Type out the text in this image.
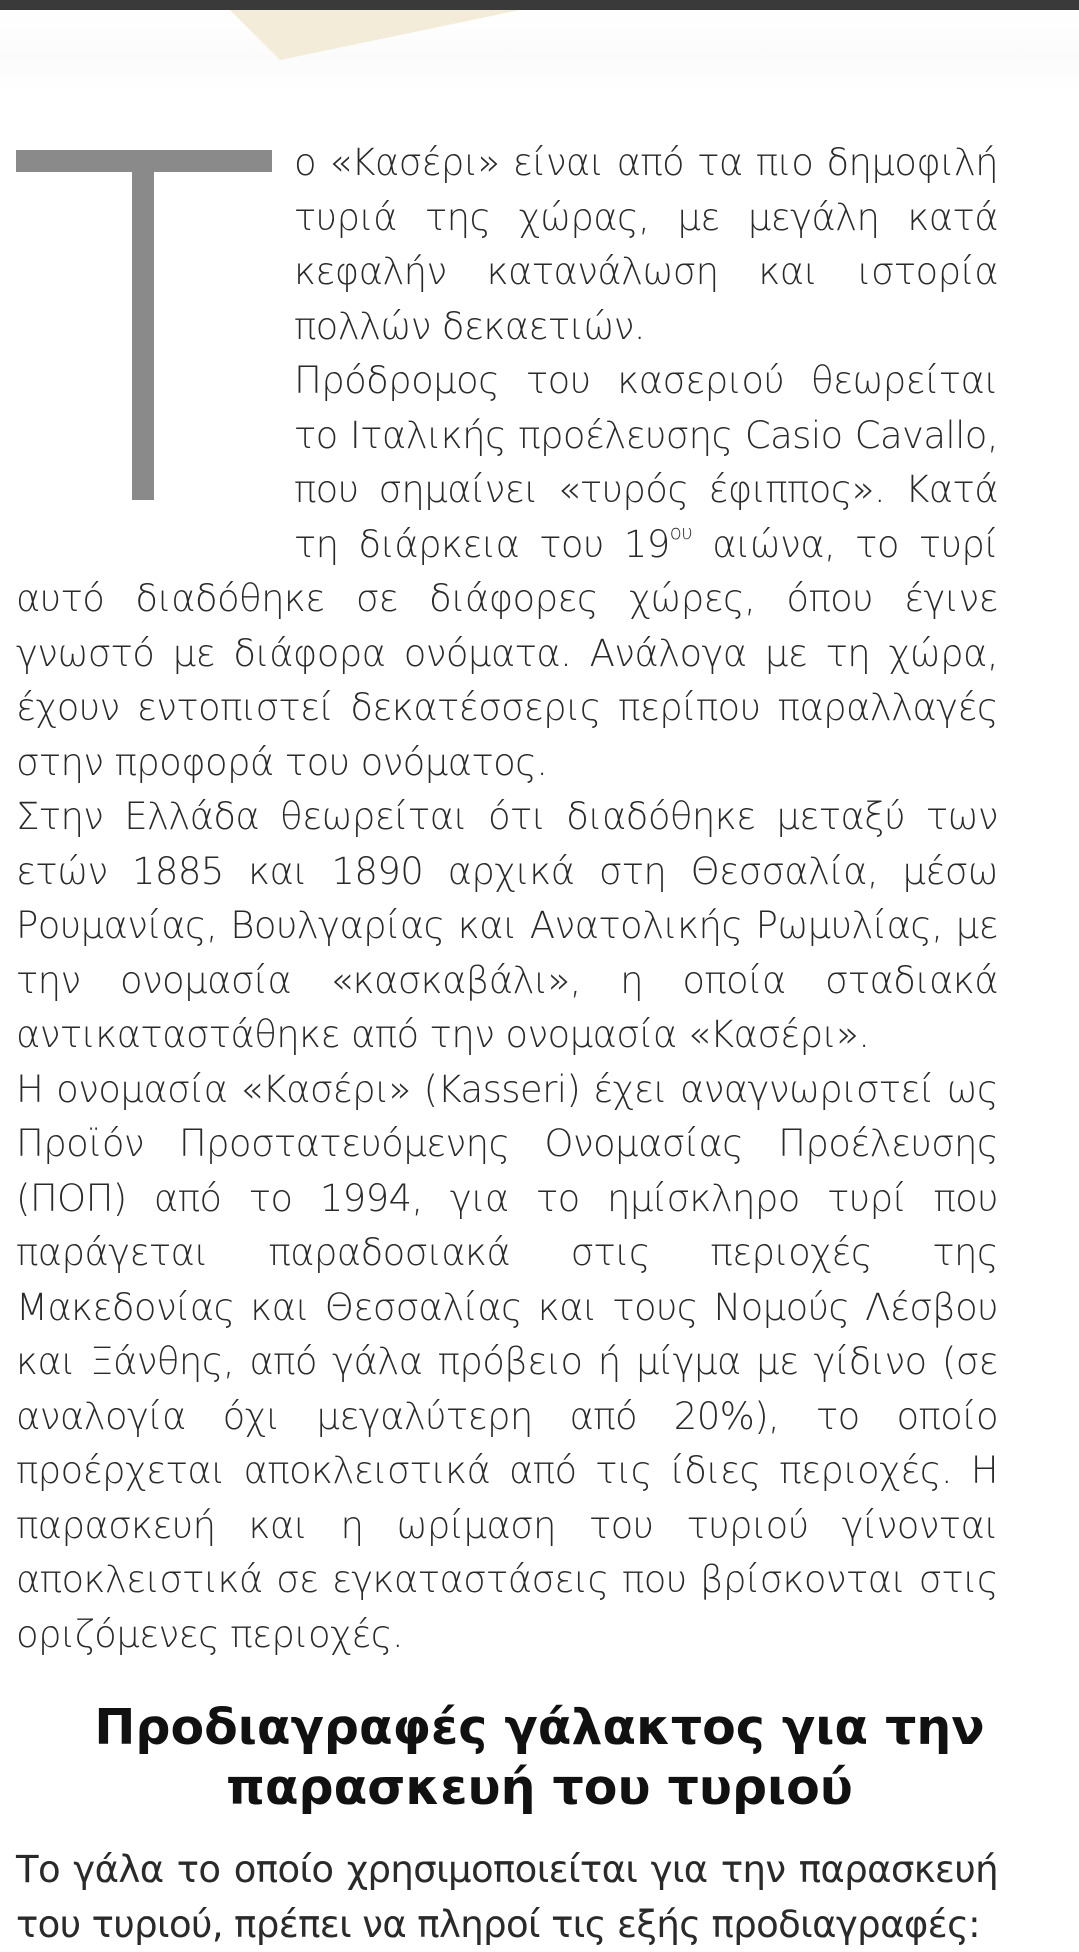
ο «Κασέρι» είναι από τα πιο δημοφιλή τυριά της χώρας, με μεγάλη κατά κεφαλήν κατανάλωση και ιστορία πολλών δεκαετιών.

Πρόδρομος του κασεριού θεωρείται το Ιταλικής προέλευσης Casio Cavallo, που σημαίνει «τυρός έφιππος». Κατά τη διάρκεια του $19^{o\upsilon}$ αιώνα, το τυρί αυτό διαδόθηκε σε διάφορες χώρες, όπου έγινε γνωστό με διάφορα ονόματα. Ανάλογα με τη χώρα, έχουν εντοπιστεί δεκατέσσερις περίπου παραλλαγές στην προφορά του ονόματος.

Στην Ελλάδα θεωρείται ότι διαδόθηκε μεταξύ των ετών 1885 και 1890 αρχικά στη Θεσσαλία, μέσω Ρουμανίας, Βουλγαρίας και Ανατολικής Ρωμυλίας, με την ονομασία «κασκαβάλι», η οποία σταδιακά αντικαταστάθηκε από την ονομασία «Κασέρι».

Η ονομασία «Κασέρι» (Kasseri) έχει αναγνωριστεί ως Προϊόν Προστατευόμενης Ονομασίας Προέλευσης (ΠΟΠ) από το 1994, για το ημίσκληρο τυρί που παράγεται παραδοσιακά στις περιοχές της Μακεδονίας και Θεσσαλίας και τους Νομούς Λέσβου και Ξάνθης, από γάλα πρόβειο ή μίγμα με γίδινο (σε αναλογία όχι μεγαλύτερη από 20%), το οποίο προέρχεται αποκλειστικά από τις ίδιες περιοχές. Η παρασκευή και η ωρίμαση του τυριού γίνονται αποκλειστικά σε εγκαταστάσεις που βρίσκονται στις οριζόμενες περιοχές.

Προδιαγραφές γάλακτος για την
παρασκευή του τυριού

Το γάλα το οποίο χρησιμοποιείται για την παρασκευή του τυριού, πρέπει να πληροί τις εξής προδιαγραφές:
